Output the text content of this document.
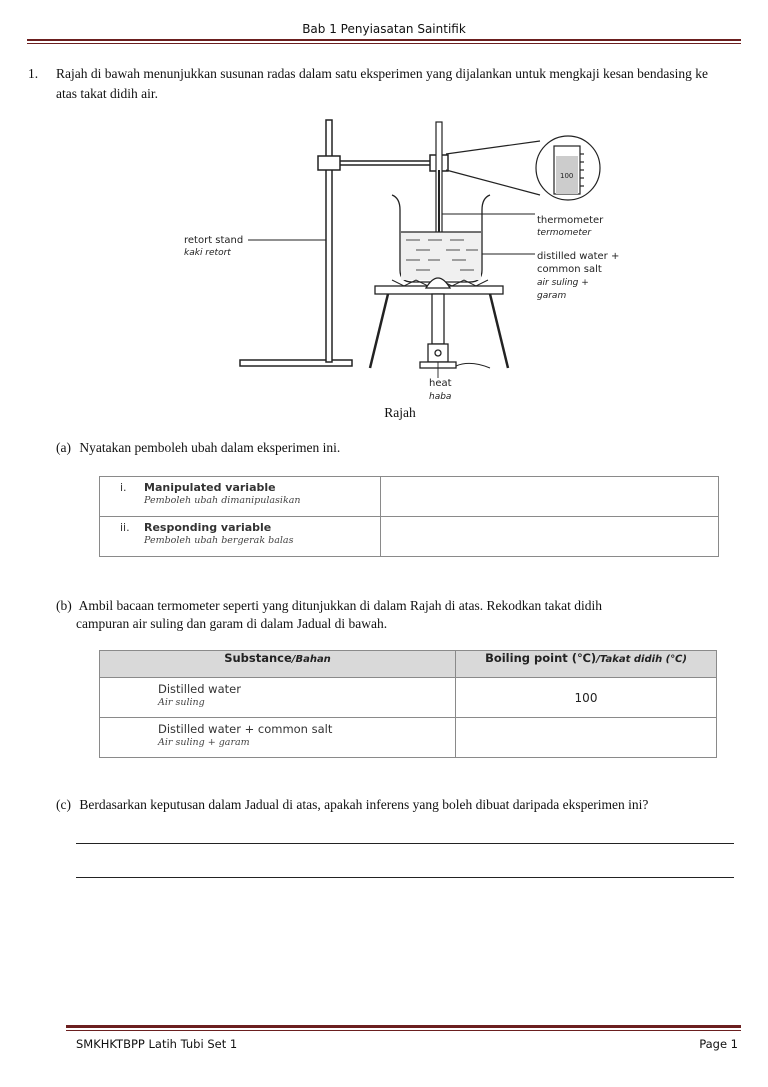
Bab 1 Penyiasatan Saintifik
1. Rajah di bawah menunjukkan susunan radas dalam satu eksperimen yang dijalankan untuk mengkaji kesan bendasing ke atas takat didih air.
100
retort stand
kaki retort
thermometer
termometer
distilled water +
common salt
air suling +
garam
heat
haba
Rajah
(a) Nyatakan pemboleh ubah dalam eksperimen ini.
i. Manipulated variable
Pemboleh ubah dimanipulasikan	

ii. Responding variable
Pemboleh ubah bergerak balas	

(b) Ambil bacaan termometer seperti yang ditunjukkan di dalam Rajah di atas. Rekodkan takat didih
campuran air suling dan garam di dalam Jadual di bawah.
Substance/Bahan	Boiling point (℃)/Takat didih (℃)

Distilled water
Air suling	100

Distilled water + common salt
Air suling + garam	

(c) Berdasarkan keputusan dalam Jadual di atas, apakah inferens yang boleh dibuat daripada eksperimen ini?
SMKHKTBPP Latih Tubi Set 1	Page 1
